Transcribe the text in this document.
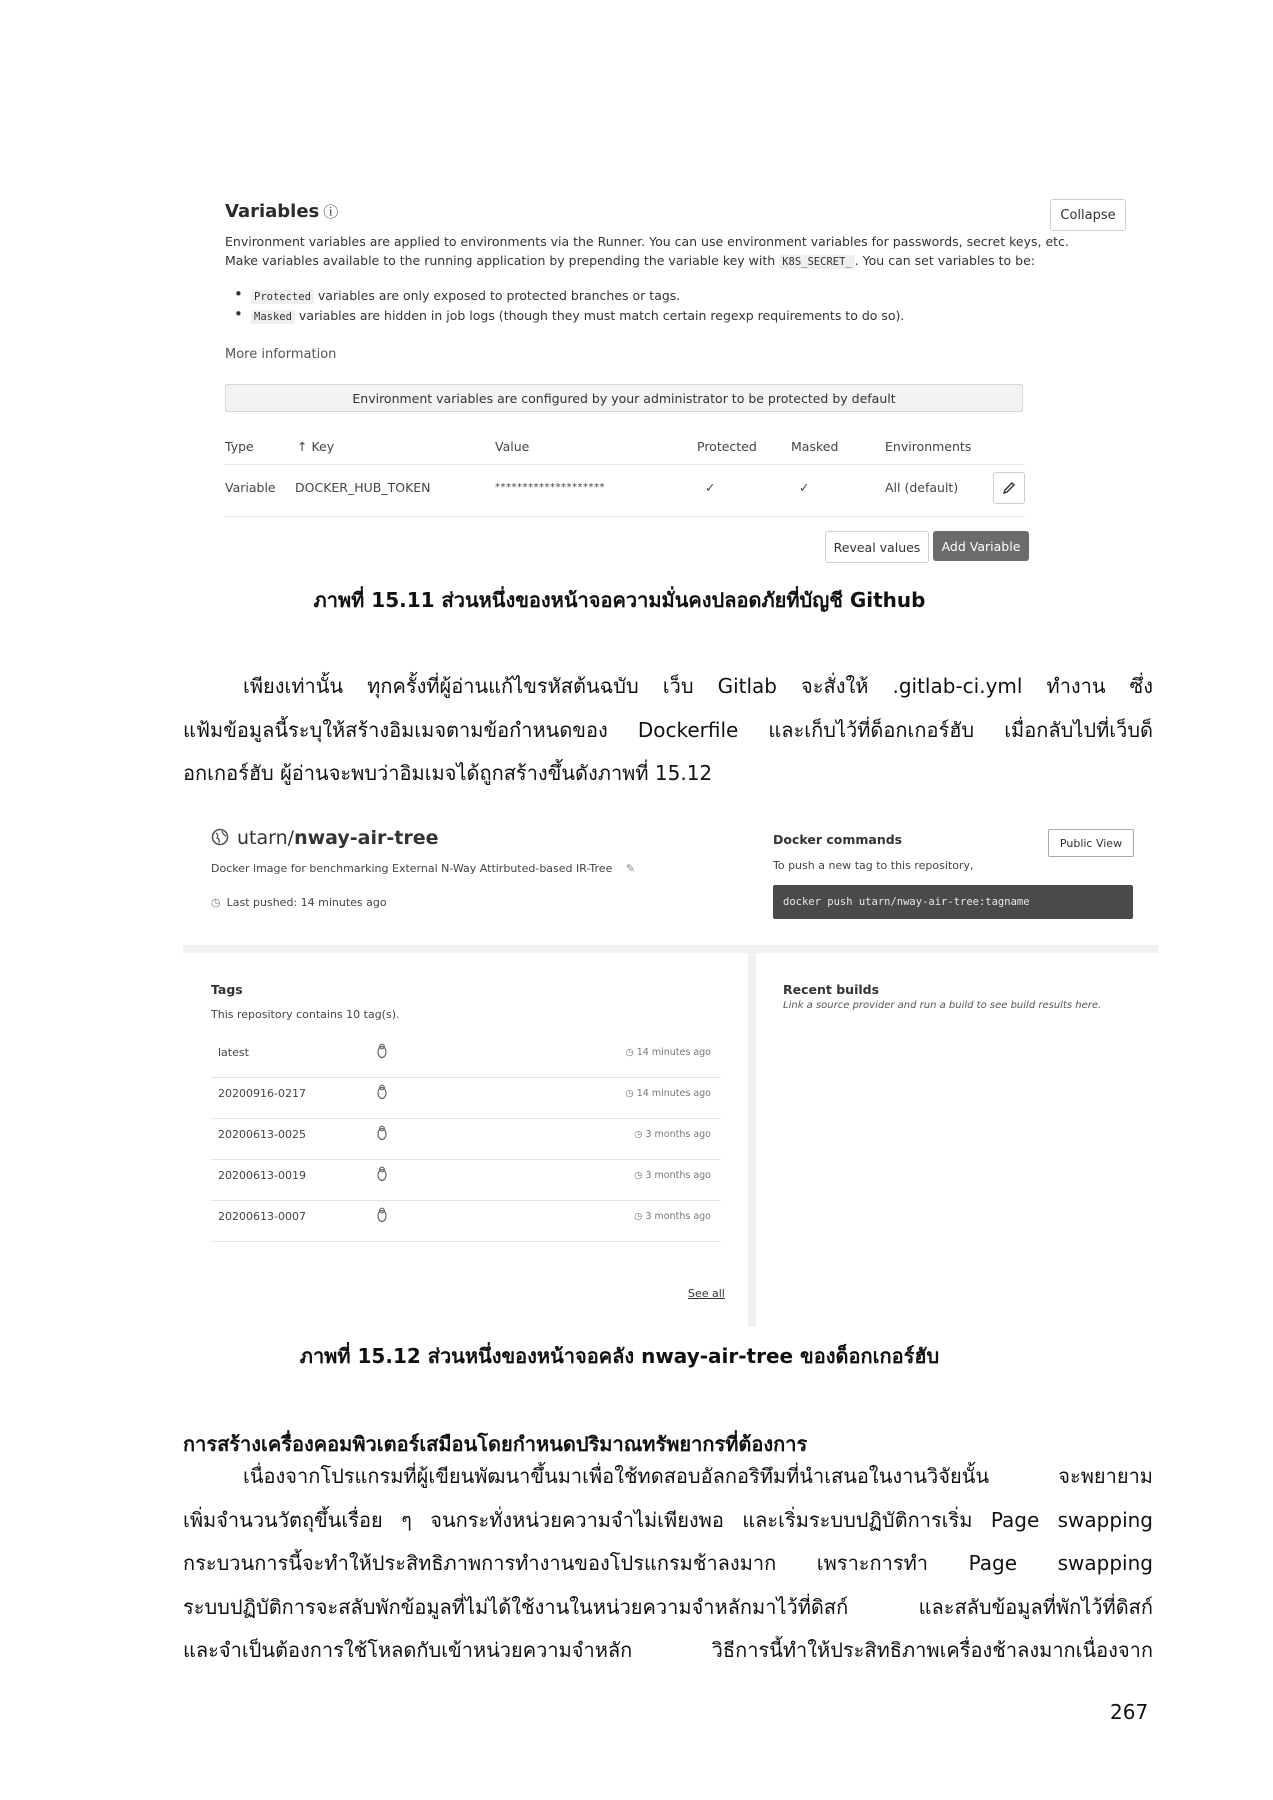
Variables ⓘ	Collapse
Environment variables are applied to environments via the Runner. You can use environment variables for passwords, secret keys, etc.
Make variables available to the running application by prepending the variable key with K8S_SECRET_ . You can set variables to be:
• Protected variables are only exposed to protected branches or tags.
• Masked variables are hidden in job logs (though they must match certain regexp requirements to do so).
More information
Environment variables are configured by your administrator to be protected by default
Type	↑ Key	Value	Protected	Masked	Environments
Variable DOCKER_HUB_TOKEN	********************	✓	✓	All (default)
Reveal values	Add Variable
ภาพที่ 15.11 ส่วนหนึ่งของหน้าจอความมั่นคงปลอดภัยที่บัญชี Github
เพียงเท่านั้น ทุกครั้งที่ผู้อ่านแก้ไขรหัสต้นฉบับ เว็บ Gitlab จะสั่งให้ .gitlab-ci.yml ทำงาน ซึ่ง
แฟ้มข้อมูลนี้ระบุให้สร้างอิมเมจตามข้อกำหนดของ Dockerfile และเก็บไว้ที่ด็อกเกอร์ฮับ เมื่อกลับไปที่เว็บด็
อกเกอร์ฮับ ผู้อ่านจะพบว่าอิมเมจได้ถูกสร้างขึ้นดังภาพที่ 15.12
utarn/nway-air-tree
Docker image for benchmarking External N-Way Attirbuted-based IR-Tree ✎
◷ Last pushed: 14 minutes ago
Docker commands
To push a new tag to this repository,
Public View
docker push utarn/nway-air-tree:tagname
Tags
This repository contains 10 tag(s).
latest	◷ 14 minutes ago
20200916-0217	◷ 14 minutes ago
20200613-0025	◷ 3 months ago
20200613-0019	◷ 3 months ago
20200613-0007	◷ 3 months ago
See all
Recent builds
Link a source provider and run a build to see build results here.
ภาพที่ 15.12 ส่วนหนึ่งของหน้าจอคลัง nway-air-tree ของด็อกเกอร์ฮับ
การสร้างเครื่องคอมพิวเตอร์เสมือนโดยกำหนดปริมาณทรัพยากรที่ต้องการ
เนื่องจากโปรแกรมที่ผู้เขียนพัฒนาขึ้นมาเพื่อใช้ทดสอบอัลกอริทึมที่นำเสนอในงานวิจัยนั้น จะพยายาม
เพิ่มจำนวนวัตถุขึ้นเรื่อย ๆ จนกระทั่งหน่วยความจำไม่เพียงพอ และเริ่มระบบปฏิบัติการเริ่ม Page swapping
กระบวนการนี้จะทำให้ประสิทธิภาพการทำงานของโปรแกรมช้าลงมาก เพราะการทำ Page swapping
ระบบปฏิบัติการจะสลับพักข้อมูลที่ไม่ได้ใช้งานในหน่วยความจำหลักมาไว้ที่ดิสก์ และสลับข้อมูลที่พักไว้ที่ดิสก์
และจำเป็นต้องการใช้โหลดกับเข้าหน่วยความจำหลัก วิธีการนี้ทำให้ประสิทธิภาพเครื่องช้าลงมากเนื่องจาก
267
